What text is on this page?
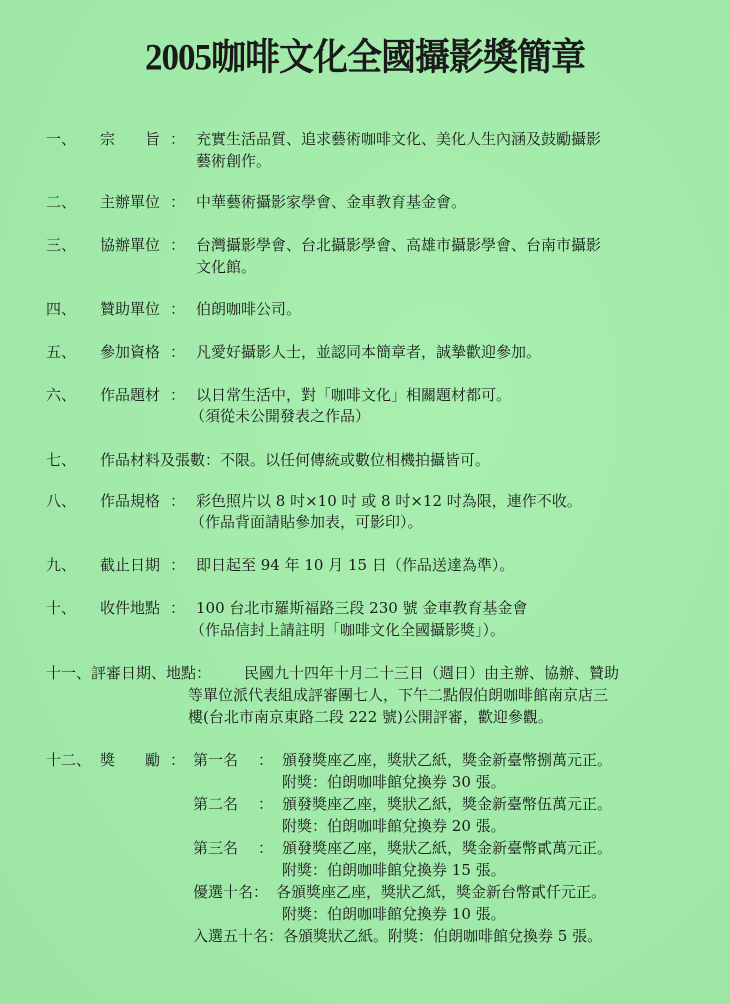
2005咖啡文化全國攝影獎簡章
一、 宗　　旨 ： 充實生活品質、追求藝術咖啡文化、美化人生內涵及鼓勵攝影
藝術創作。
二、 主辦單位 ： 中華藝術攝影家學會、金車教育基金會。
三、 協辦單位 ： 台灣攝影學會、台北攝影學會、高雄市攝影學會、台南市攝影
文化館。
四、 贊助單位 ： 伯朗咖啡公司。
五、 參加資格 ： 凡愛好攝影人士，並認同本簡章者，誠摯歡迎參加。
六、 作品題材 ： 以日常生活中，對「咖啡文化」相關題材都可。
（須從未公開發表之作品）
七、 作品材料及張數：不限。以任何傳統或數位相機拍攝皆可。
八、 作品規格 ： 彩色照片以 8 吋×10 吋 或 8 吋×12 吋為限，連作不收。
（作品背面請貼參加表，可影印）。
九、 截止日期 ： 即日起至 94 年 10 月 15 日（作品送達為準）。
十、 收件地點 ： 100 台北市羅斯福路三段 230 號 金車教育基金會
（作品信封上請註明「咖啡文化全國攝影獎」）。
十一、評審日期、地點： 民國九十四年十月二十三日（週日）由主辦、協辦、贊助
等單位派代表組成評審團七人，下午二點假伯朗咖啡館南京店三
樓(台北市南京東路二段 222 號)公開評審，歡迎參觀。
十二、 獎　　勵 ： 第一名 ： 頒發獎座乙座，獎狀乙紙，獎金新臺幣捌萬元正。
附獎：伯朗咖啡館兌換券 30 張。
第二名 ： 頒發獎座乙座，獎狀乙紙，獎金新臺幣伍萬元正。
附獎：伯朗咖啡館兌換券 20 張。
第三名 ： 頒發獎座乙座，獎狀乙紙，獎金新臺幣貳萬元正。
附獎：伯朗咖啡館兌換券 15 張。
優選十名： 各頒獎座乙座，獎狀乙紙，獎金新台幣貳仟元正。
附獎：伯朗咖啡館兌換券 10 張。
入選五十名：各頒獎狀乙紙。附獎：伯朗咖啡館兌換券 5 張。
